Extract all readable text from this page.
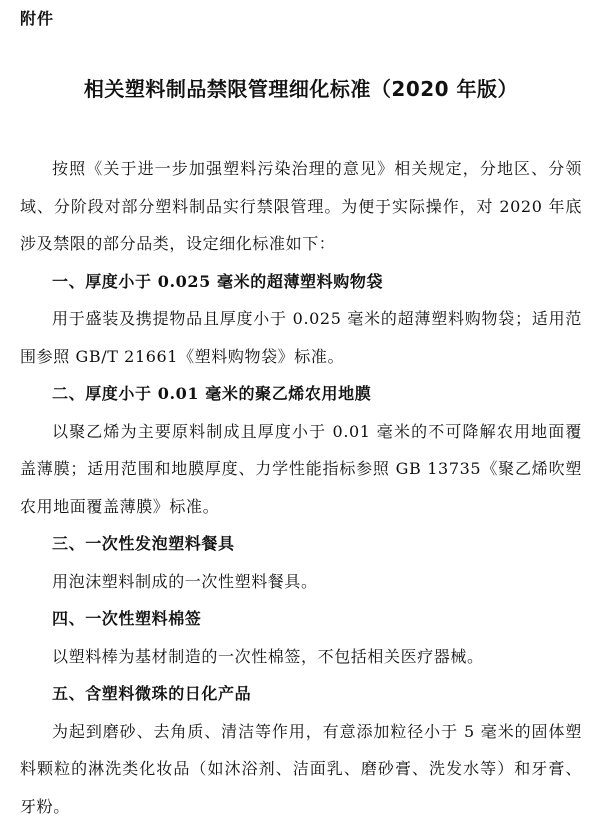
附件
相关塑料制品禁限管理细化标准（2020 年版）

按照《关于进一步加强塑料污染治理的意见》相关规定，分地区、分领域、分阶段对部分塑料制品实行禁限管理。为便于实际操作，对 2020 年底涉及禁限的部分品类，设定细化标准如下：

一、厚度小于 0.025 毫米的超薄塑料购物袋

用于盛装及携提物品且厚度小于 0.025 毫米的超薄塑料购物袋；适用范围参照 GB/T 21661《塑料购物袋》标准。

二、厚度小于 0.01 毫米的聚乙烯农用地膜

以聚乙烯为主要原料制成且厚度小于 0.01 毫米的不可降解农用地面覆盖薄膜；适用范围和地膜厚度、力学性能指标参照 GB 13735《聚乙烯吹塑农用地面覆盖薄膜》标准。

三、一次性发泡塑料餐具

用泡沫塑料制成的一次性塑料餐具。

四、一次性塑料棉签

以塑料棒为基材制造的一次性棉签，不包括相关医疗器械。

五、含塑料微珠的日化产品

为起到磨砂、去角质、清洁等作用，有意添加粒径小于 5 毫米的固体塑料颗粒的淋洗类化妆品（如沐浴剂、洁面乳、磨砂膏、洗发水等）和牙膏、牙粉。
